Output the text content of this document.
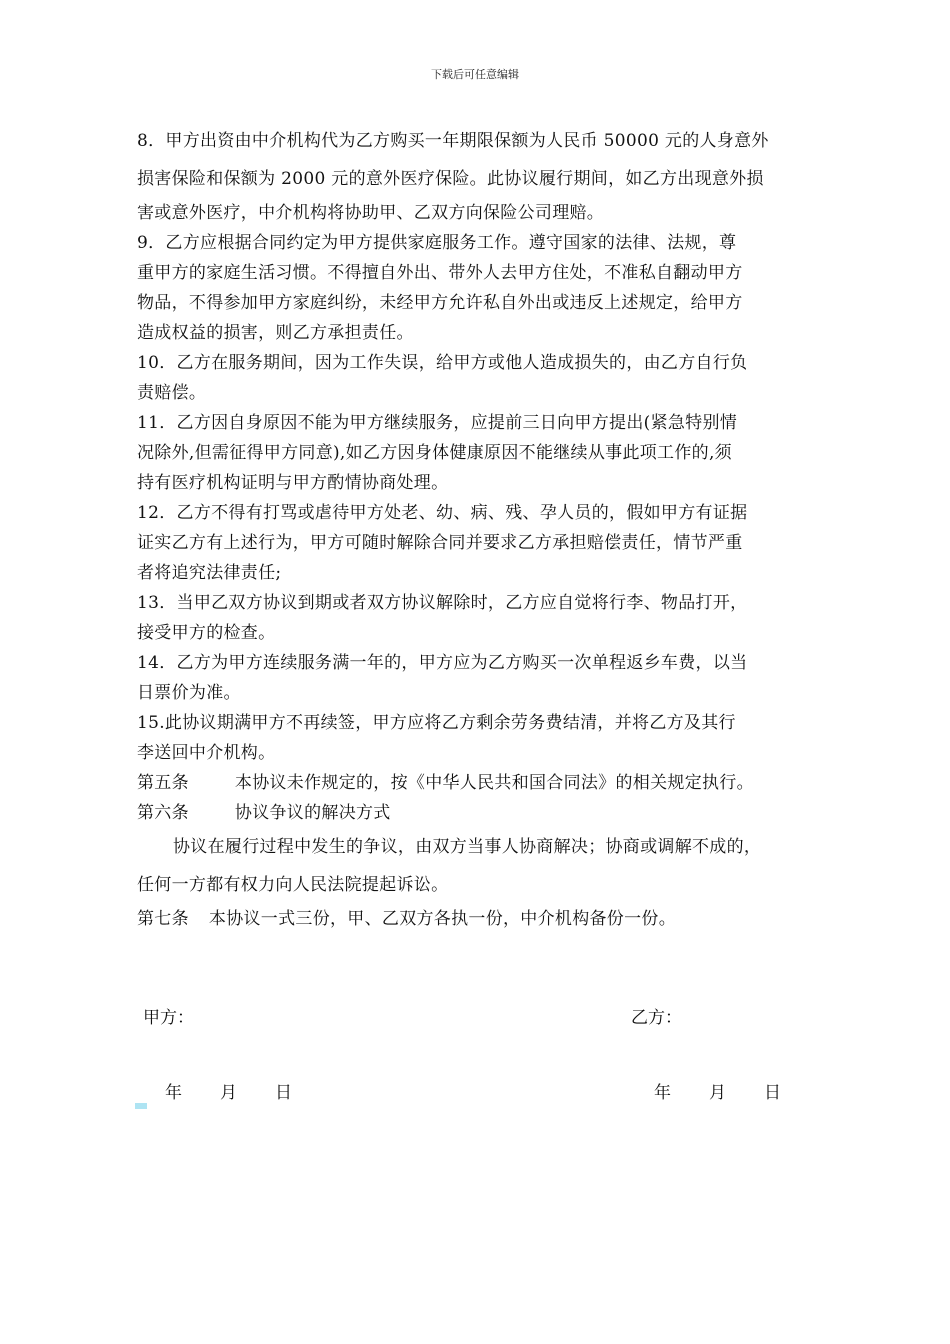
下载后可任意编辑
8．甲方出资由中介机构代为乙方购买一年期限保额为人民币 50000 元的人身意外
损害保险和保额为 2000 元的意外医疗保险。此协议履行期间，如乙方出现意外损
害或意外医疗，中介机构将协助甲、乙双方向保险公司理赔。
9．乙方应根据合同约定为甲方提供家庭服务工作。遵守国家的法律、法规，尊
重甲方的家庭生活习惯。不得擅自外出、带外人去甲方住处，不准私自翻动甲方
物品，不得参加甲方家庭纠纷，未经甲方允许私自外出或违反上述规定，给甲方
造成权益的损害，则乙方承担责任。
10．乙方在服务期间，因为工作失误，给甲方或他人造成损失的，由乙方自行负
责赔偿。
11．乙方因自身原因不能为甲方继续服务，应提前三日向甲方提出(紧急特别情
况除外,但需征得甲方同意),如乙方因身体健康原因不能继续从事此项工作的,须
持有医疗机构证明与甲方酌情协商处理。
12．乙方不得有打骂或虐待甲方处老、幼、病、残、孕人员的，假如甲方有证据
证实乙方有上述行为，甲方可随时解除合同并要求乙方承担赔偿责任，情节严重
者将追究法律责任;
13．当甲乙双方协议到期或者双方协议解除时，乙方应自觉将行李、物品打开，
接受甲方的检查。
14．乙方为甲方连续服务满一年的，甲方应为乙方购买一次单程返乡车费，以当
日票价为准。
15.此协议期满甲方不再续签，甲方应将乙方剩余劳务费结清，并将乙方及其行
李送回中介机构。
第五条	本协议未作规定的，按《中华人民共和国合同法》的相关规定执行。
第六条	协议争议的解决方式
协议在履行过程中发生的争议，由双方当事人协商解决；协商或调解不成的，
任何一方都有权力向人民法院提起诉讼。
第七条 本协议一式三份，甲、乙双方各执一份，中介机构备份一份。
甲方：	乙方：
年 月 日	年 月 日
